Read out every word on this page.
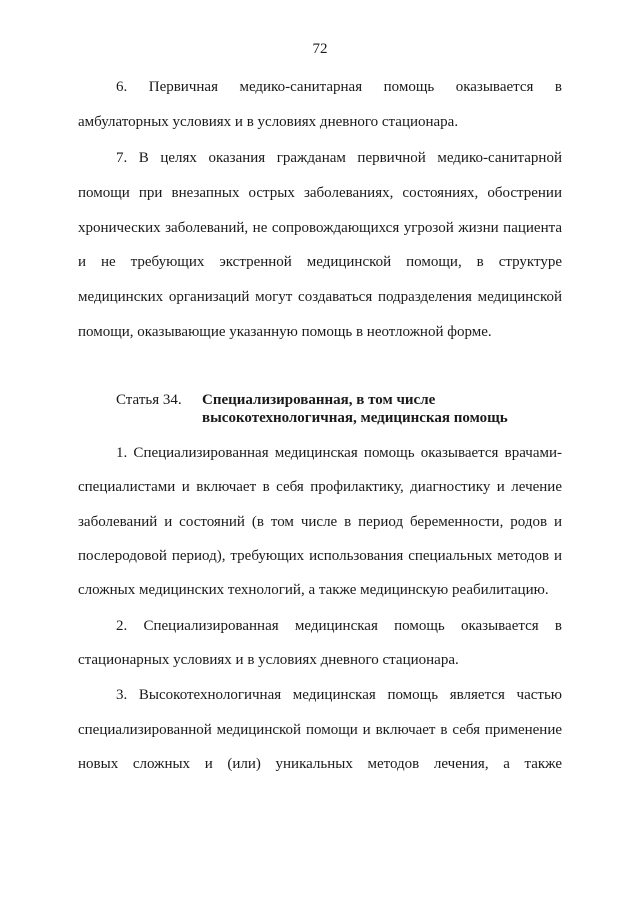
72
6. Первичная медико-санитарная помощь оказывается в
амбулаторных условиях и в условиях дневного стационара.
7. В целях оказания гражданам первичной медико-санитарной
помощи при внезапных острых заболеваниях, состояниях, обострении
хронических заболеваний, не сопровождающихся угрозой жизни пациента
и не требующих экстренной медицинской помощи, в структуре
медицинских организаций могут создаваться подразделения медицинской
помощи, оказывающие указанную помощь в неотложной форме.
Статья 34. Специализированная, в том числе
высокотехнологичная, медицинская помощь
1. Специализированная медицинская помощь оказывается врачами-
специалистами и включает в себя профилактику, диагностику и лечение
заболеваний и состояний (в том числе в период беременности, родов и
послеродовой период), требующих использования специальных методов и
сложных медицинских технологий, а также медицинскую реабилитацию.
2. Специализированная медицинская помощь оказывается в
стационарных условиях и в условиях дневного стационара.
3. Высокотехнологичная медицинская помощь является частью
специализированной медицинской помощи и включает в себя применение
новых сложных и (или) уникальных методов лечения, а также
